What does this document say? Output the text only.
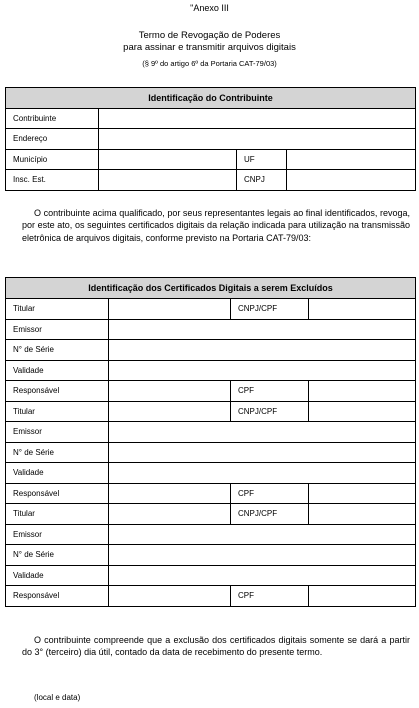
"Anexo III
Termo de Revogação de Poderes
para assinar e transmitir arquivos digitais
(§ 9º do artigo 6º da Portaria CAT-79/03)
Identificação do Contribuinte			
Contribuinte			
Endereço			
Município		UF	
Insc. Est.		CNPJ	

O contribuinte acima qualificado, por seus representantes legais ao final identificados, revoga, por este ato, os seguintes certificados digitais da relação indicada para utilização na transmissão eletrônica de arquivos digitais, conforme previsto na Portaria CAT-79/03:

Identificação dos Certificados Digitais a serem Excluídos			
Titular		CNPJ/CPF	
Emissor			
N° de Série			
Validade			
Responsável		CPF	
Titular		CNPJ/CPF	
Emissor			
N° de Série			
Validade			
Responsável		CPF	
Titular		CNPJ/CPF	
Emissor			
N° de Série			
Validade			
Responsável		CPF	

O contribuinte compreende que a exclusão dos certificados digitais somente se dará a partir do 3° (terceiro) dia útil, contado da data de recebimento do presente termo.

(local e data)
